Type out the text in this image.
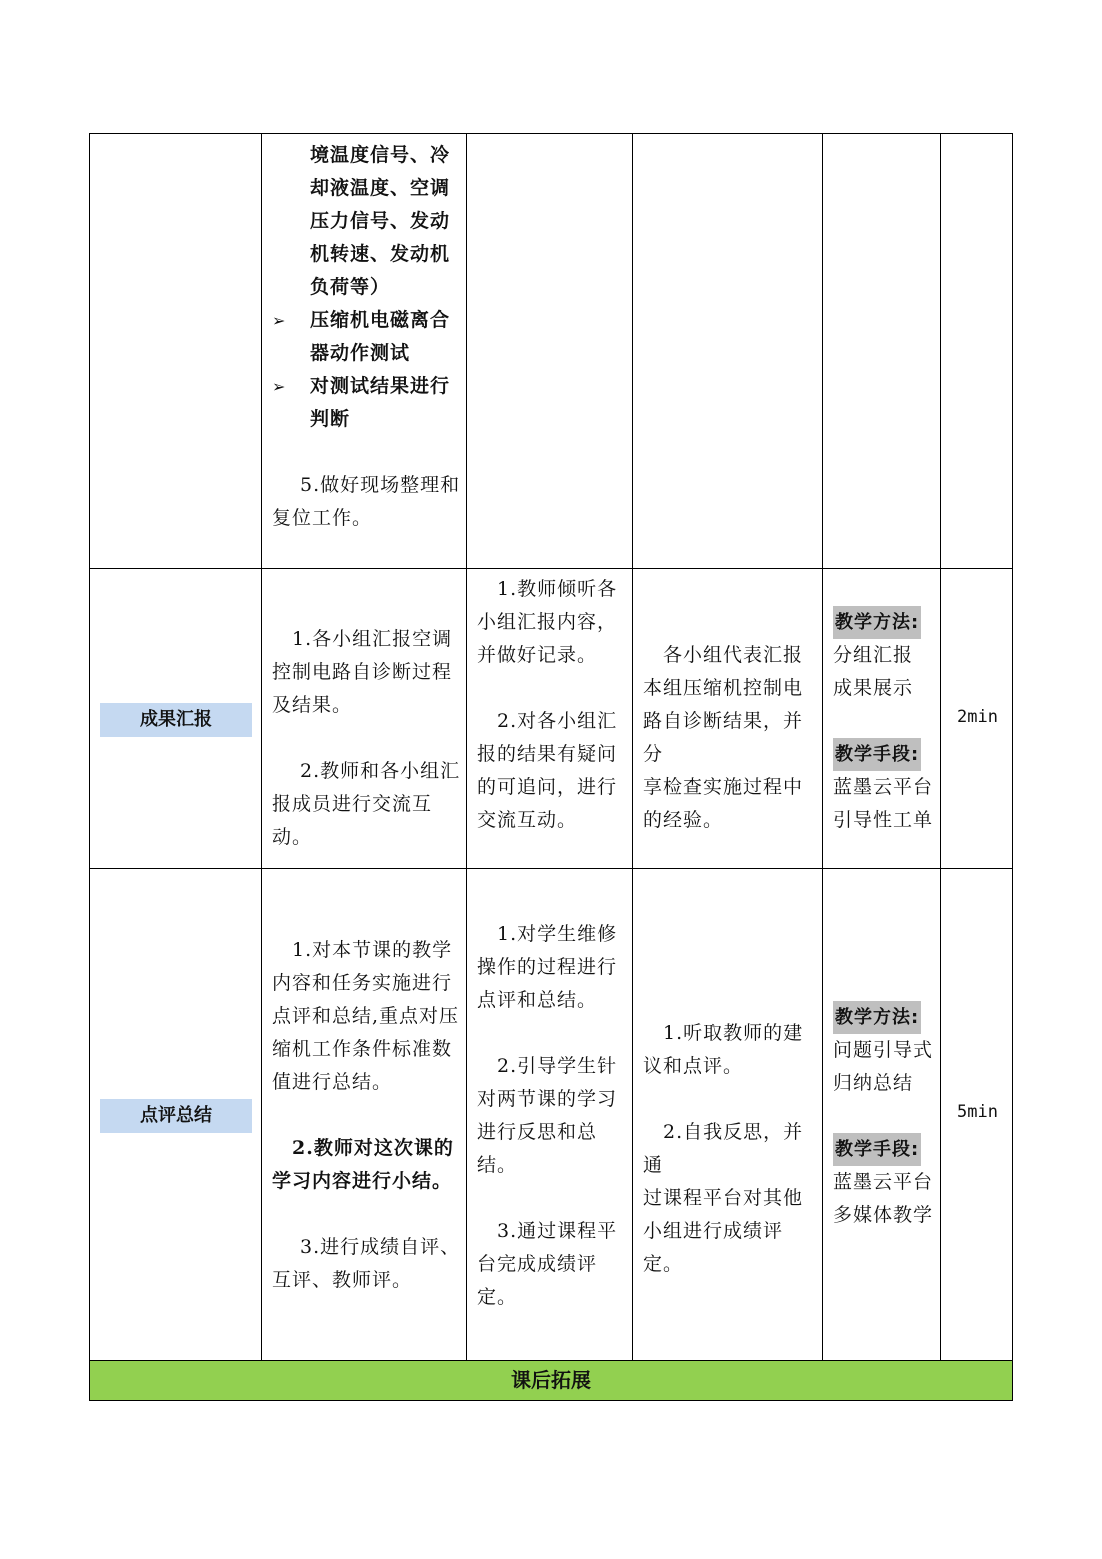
境温度信号、冷
却液温度、空调
压力信号、发动
机转速、发动机
负荷等）
➢ 压缩机电磁离合
器动作测试
➢ 对测试结果进行
判断
5.做好现场整理和
复位工作。
成果汇报
1.各小组汇报空调
控制电路自诊断过程
及结果。
2.教师和各小组汇
报成员进行交流互动。
1.教师倾听各
小组汇报内容，
并做好记录。
2.对各小组汇
报的结果有疑问
的可追问，进行
交流互动。
各小组代表汇报
本组压缩机控制电
路自诊断结果，并分
享检查实施过程中
的经验。
教学方法:
分组汇报
成果展示
教学手段:
蓝墨云平台
引导性工单
2min
点评总结
1.对本节课的教学
内容和任务实施进行
点评和总结,重点对压
缩机工作条件标准数
值进行总结。
2.教师对这次课的
学习内容进行小结。
3.进行成绩自评、
互评、教师评。
1.对学生维修
操作的过程进行
点评和总结。
2.引导学生针
对两节课的学习
进行反思和总
结。
3.通过课程平
台完成成绩评
定。
1.听取教师的建
议和点评。
2.自我反思，并通
过课程平台对其他
小组进行成绩评定。
教学方法:
问题引导式
归纳总结
教学手段:
蓝墨云平台
多媒体教学
5min
课后拓展
